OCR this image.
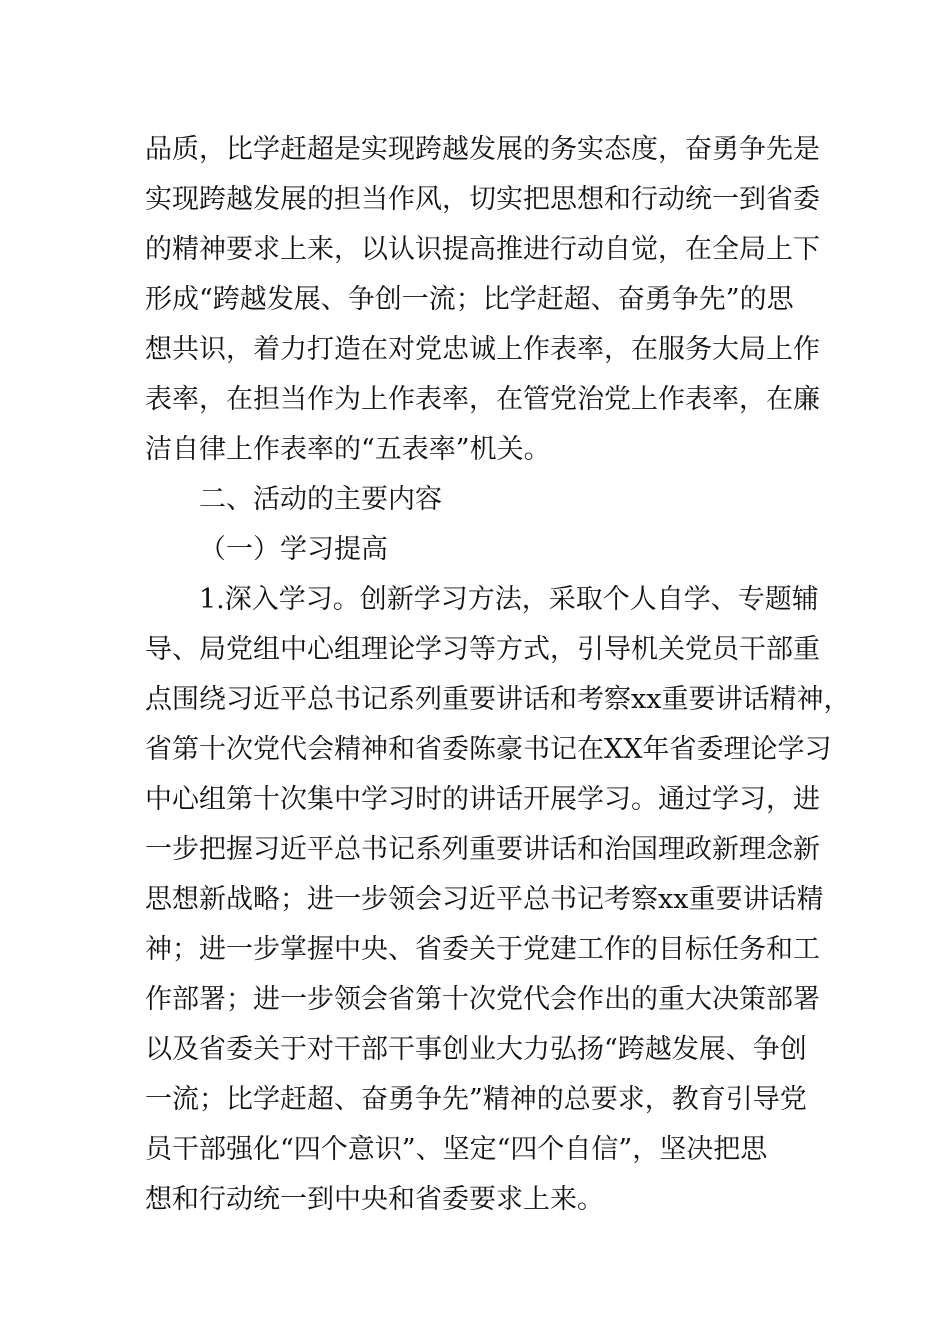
品质，比学赶超是实现跨越发展的务实态度，奋勇争先是
实现跨越发展的担当作风，切实把思想和行动统一到省委
的精神要求上来，以认识提高推进行动自觉，在全局上下
形成“跨越发展、争创一流；比学赶超、奋勇争先”的思
想共识，着力打造在对党忠诚上作表率，在服务大局上作
表率，在担当作为上作表率，在管党治党上作表率，在廉
洁自律上作表率的“五表率”机关。
二、活动的主要内容
（一）学习提高
1.深入学习。创新学习方法，采取个人自学、专题辅
导、局党组中心组理论学习等方式，引导机关党员干部重
点围绕习近平总书记系列重要讲话和考察xx重要讲话精神，
省第十次党代会精神和省委陈豪书记在XX年省委理论学习
中心组第十次集中学习时的讲话开展学习。通过学习，进
一步把握习近平总书记系列重要讲话和治国理政新理念新
思想新战略；进一步领会习近平总书记考察xx重要讲话精
神；进一步掌握中央、省委关于党建工作的目标任务和工
作部署；进一步领会省第十次党代会作出的重大决策部署
以及省委关于对干部干事创业大力弘扬“跨越发展、争创
一流；比学赶超、奋勇争先”精神的总要求，教育引导党
员干部强化“四个意识”、坚定“四个自信”，坚决把思
想和行动统一到中央和省委要求上来。
